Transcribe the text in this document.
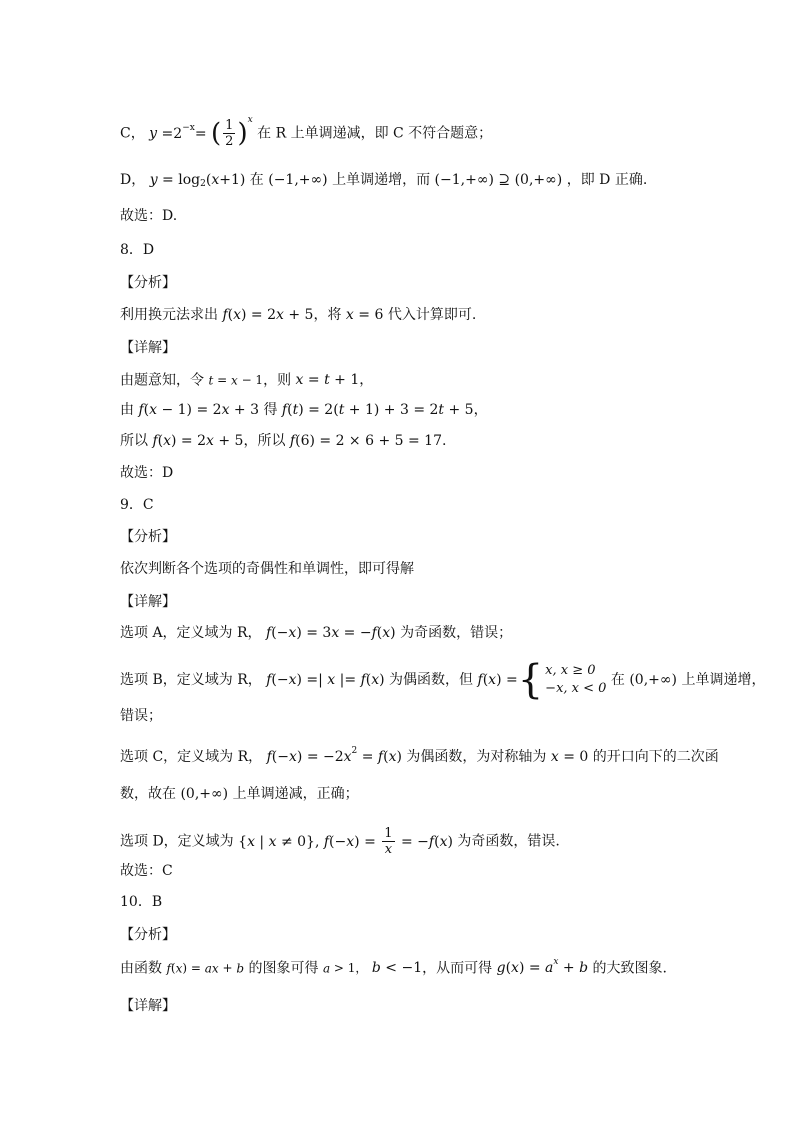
C， $y =2^{-x}=$ ( $\frac{1}{2} )^x$ 在 R 上单调递减，即 C 不符合题意；
D， $y = \log_2(x+1)$ 在 (−1,+∞) 上单调递增，而 (−1,+∞) ⊇ (0,+∞) ，即 D 正确.
故选：D.
8．D
【分析】
利用换元法求出 f(x) = 2x + 5，将 x = 6 代入计算即可.
【详解】
由题意知，令 t = x − 1，则 x = t + 1，
由 f(x − 1) = 2x + 3 得 f(t) = 2(t + 1) + 3 = 2t + 5，
所以 f(x) = 2x + 5，所以 f(6) = 2 × 6 + 5 = 17.
故选：D
9．C
【分析】
依次判断各个选项的奇偶性和单调性，即可得解
【详解】
选项 A，定义域为 R， f(−x) = 3x = −f(x) 为奇函数，错误；
选项 B，定义域为 R， f(−x) =| x |= f(x) 为偶函数，但 f ( x ) = { x, x ≥ 0
−x, x < 0
在 (0,+∞) 上单调递增，
错误；
选项 C，定义域为 R， $f(-x) = -2x^2 = f(x)$ 为偶函数，为对称轴为 x = 0 的开口向下的二次函
数，故在 (0,+∞) 上单调递减，正确；
选项 D，定义域为 {x | x ≠ 0}, $f(-x) = \frac{1}{x} = -f(x)$ 为奇函数，错误.
故选：C
10．B
【分析】
由函数 f(x) = ax + b 的图象可得 a > 1， b < −1，从而可得 $g(x) = a^x + b$ 的大致图象.
【详解】
